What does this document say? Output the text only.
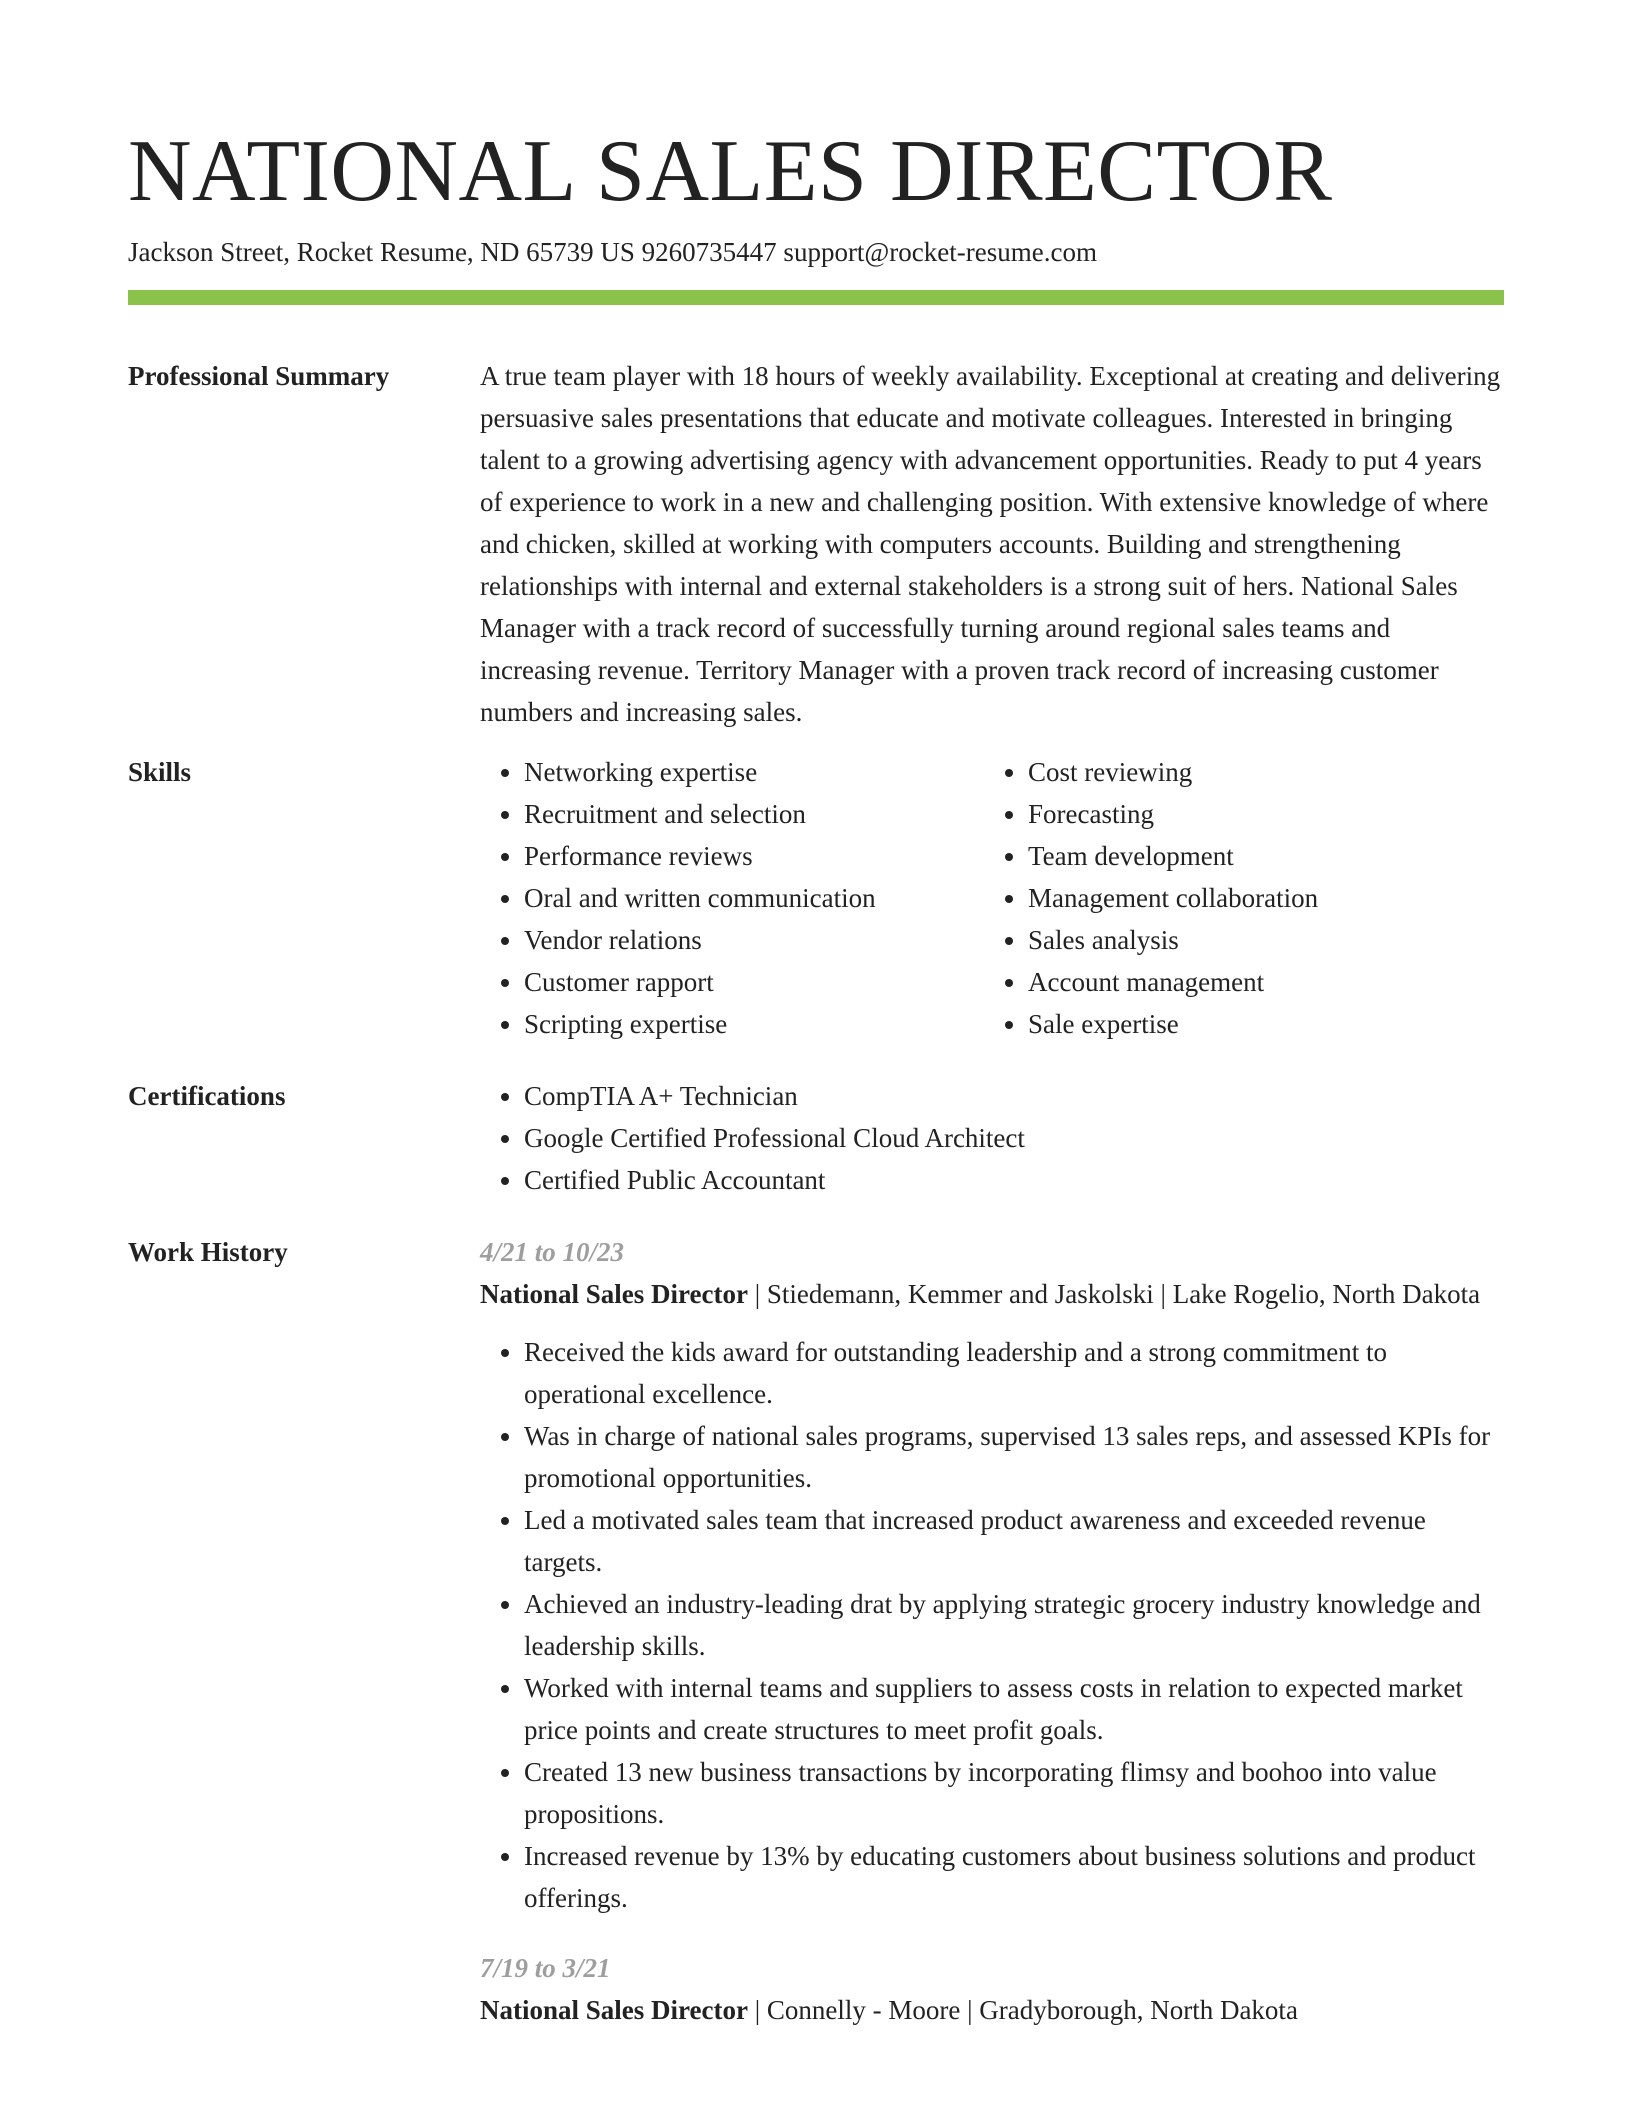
NATIONAL SALES DIRECTOR
Jackson Street, Rocket Resume, ND 65739 US 9260735447 support@rocket-resume.com
Professional Summary	A true team player with 18 hours of weekly availability. Exceptional at creating and delivering persuasive sales presentations that educate and motivate colleagues. Interested in bringing talent to a growing advertising agency with advancement opportunities. Ready to put 4 years of experience to work in a new and challenging position. With extensive knowledge of where and chicken, skilled at working with computers accounts. Building and strengthening relationships with internal and external stakeholders is a strong suit of hers. National Sales Manager with a track record of successfully turning around regional sales teams and increasing revenue. Territory Manager with a proven track record of increasing customer numbers and increasing sales.

Skills	• Networking expertise
• Recruitment and selection
• Performance reviews
• Oral and written communication
• Vendor relations
• Customer rapport
• Scripting expertise
• Cost reviewing
• Forecasting
• Team development
• Management collaboration
• Sales analysis
• Account management
• Sale expertise
Certifications	• CompTIA A+ Technician
• Google Certified Professional Cloud Architect
• Certified Public Accountant
Work History	4/21 to 10/23
National Sales Director | Stiedemann, Kemmer and Jaskolski | Lake Rogelio, North Dakota
• Received the kids award for outstanding leadership and a strong commitment to operational excellence.
• Was in charge of national sales programs, supervised 13 sales reps, and assessed KPIs for promotional opportunities.
• Led a motivated sales team that increased product awareness and exceeded revenue targets.
• Achieved an industry-leading drat by applying strategic grocery industry knowledge and leadership skills.
• Worked with internal teams and suppliers to assess costs in relation to expected market price points and create structures to meet profit goals.
• Created 13 new business transactions by incorporating flimsy and boohoo into value propositions.
• Increased revenue by 13% by educating customers about business solutions and product offerings.
7/19 to 3/21
National Sales Director | Connelly - Moore | Gradyborough, North Dakota
